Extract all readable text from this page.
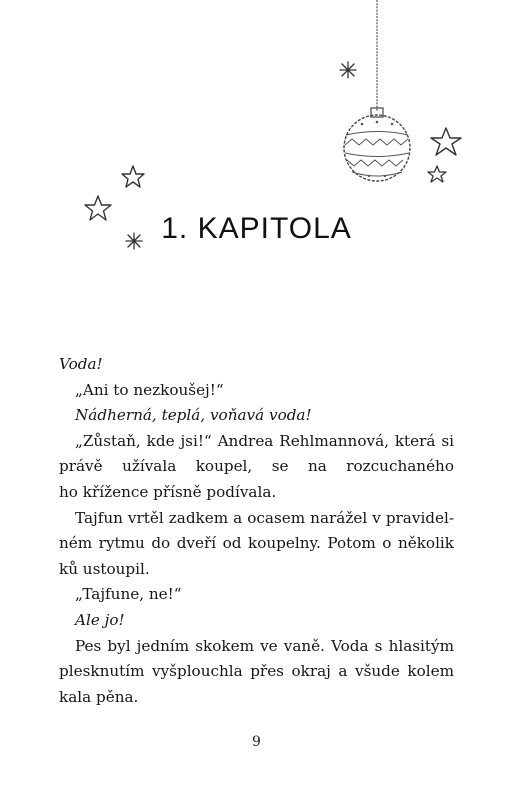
1. KAPITOLA
Voda!
„Ani to nezkoušej!“
Nádherná, teplá, voňavá voda!
„Zůstaň, kde jsi!“ Andrea Rehlmannová, která si
právě užívala koupel, se na rozcuchaného
ho křížence přísně podívala.
Tajfun vrtěl zadkem a ocasem narážel v pravidel-
ném rytmu do dveří od koupelny. Potom o několik
ků ustoupil.
„Tajfune, ne!“
Ale jo!
Pes byl jedním skokem ve vaně. Voda s hlasitým
plesknutím vyšplouchla přes okraj a všude kolem
kala pěna.
9
